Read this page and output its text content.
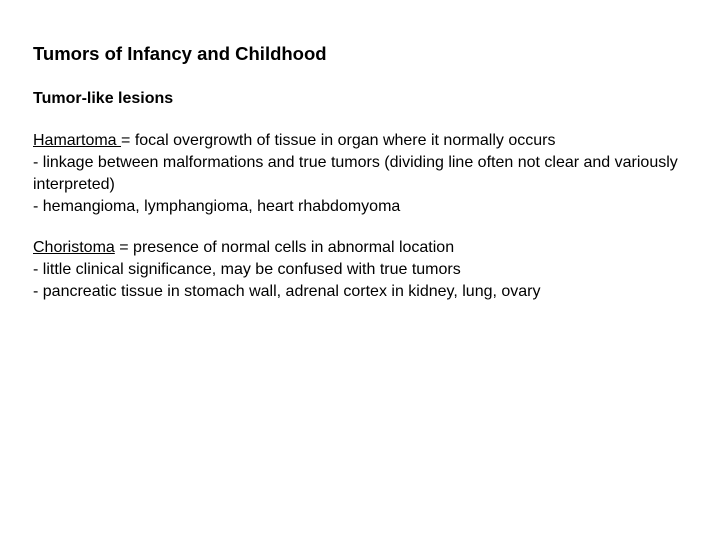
Tumors of Infancy and Childhood
Tumor-like lesions
Hamartoma = focal overgrowth of tissue in organ where it normally occurs
- linkage between malformations and true tumors (dividing line often not clear and variously interpreted)
- hemangioma, lymphangioma, heart rhabdomyoma
Choristoma = presence of normal cells in abnormal location
- little clinical significance, may be confused with true tumors
- pancreatic tissue in stomach wall, adrenal cortex in kidney, lung, ovary
